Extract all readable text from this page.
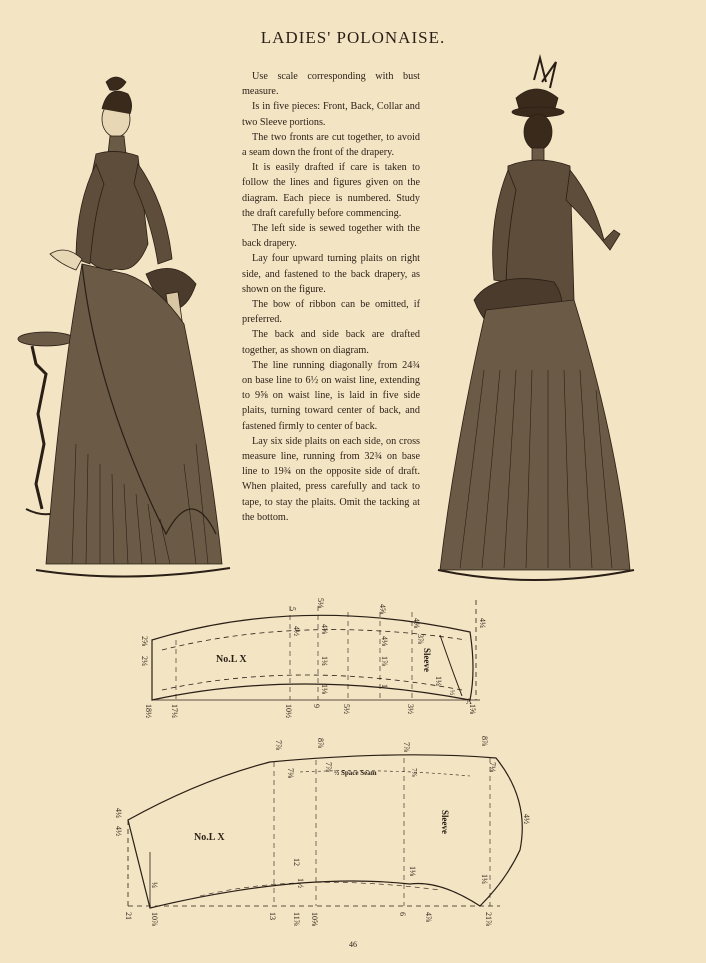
LADIES' POLONAISE.

Use scale corresponding with bust measure.

Is in five pieces: Front, Back, Collar and two Sleeve portions.

The two fronts are cut together, to avoid a seam down the front of the drapery.

It is easily drafted if care is taken to follow the lines and figures given on the diagram. Each piece is numbered. Study the draft carefully before commencing.

The left side is sewed together with the back drapery.

Lay four upward turning plaits on right side, and fastened to the back drapery, as shown on the figure.

The bow of ribbon can be omitted, if preferred.

The back and side back are drafted together, as shown on diagram.

The line running diagonally from 24¾ on base line to 6½ on waist line, extending to 9⅝ on waist line, is laid in five side plaits, turning toward center of back, and fastened firmly to center of back.

Lay six side plaits on each side, on cross measure line, running from 32¾ on base line to 19¾ on the opposite side of draft. When plaited, press carefully and tack to tape, to stay the plaits. Omit the tacking at the bottom.

No.L X	Sleeve
A
5
5⅛
4⅝
4⅜	4¼
2⅝
2¼
18½ 17¼
4½ 4⅝
1¾
4⅛
1⅞
3⅞
1¼
1⅛	1
½
10½ 9	5½	3½	1⅝
No.L X
Sleeve
½ Space Seam
7⅞	8⅞	7⅞
8⅞
7⅜
7⅞
7⅞
7⅛
12
1½
1⅛
1¼
4¼
4½
¼
4½
21 10⅞	13 11⅞ 10⅝	6 4⅞	21⅞
46
